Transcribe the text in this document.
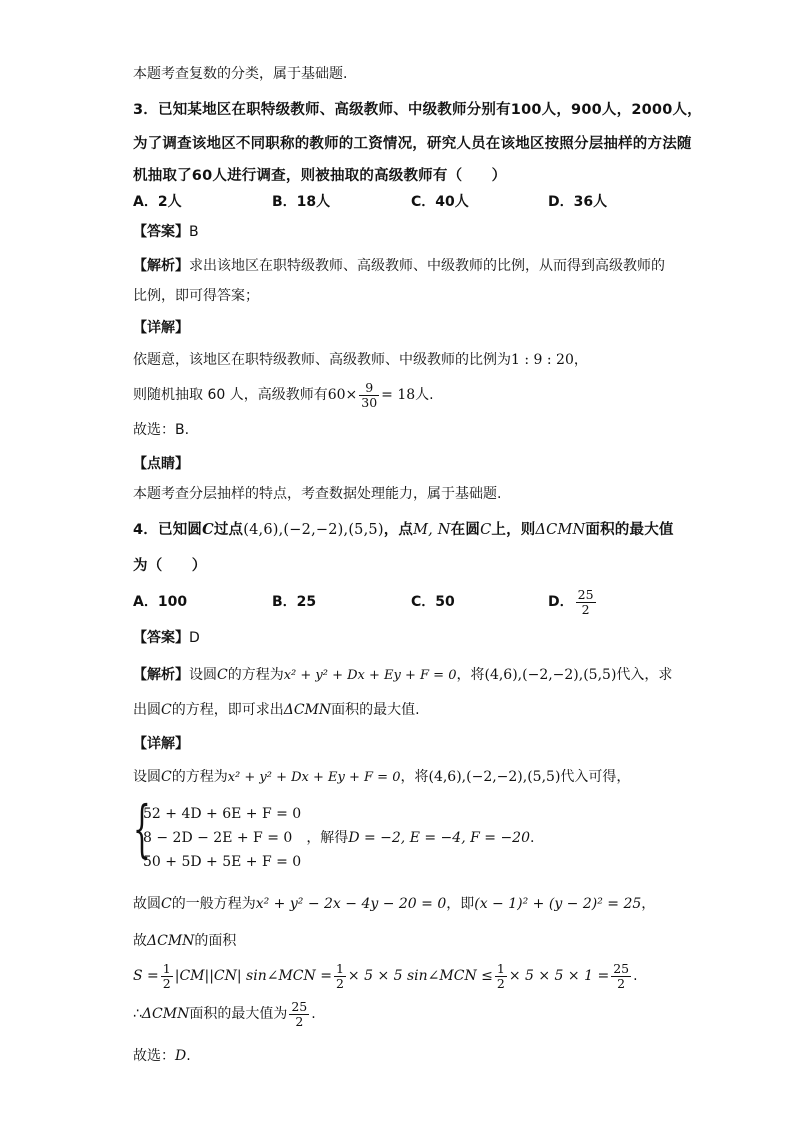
本题考查复数的分类，属于基础题.
3．已知某地区在职特级教师、高级教师、中级教师分别有100人，900人，2000人，
为了调查该地区不同职称的教师的工资情况，研究人员在该地区按照分层抽样的方法随
机抽取了60人进行调查，则被抽取的高级教师有（　　）
A．2人	B．18人	C．40人	D．36人
【答案】B
【解析】求出该地区在职特级教师、高级教师、中级教师的比例，从而得到高级教师的
比例，即可得答案；
【详解】
依题意，该地区在职特级教师、高级教师、中级教师的比例为1 : 9 : 20，
则随机抽取 60 人，高级教师有$60\times \frac{9}{30} = 18$人.
故选：B.
【点睛】
本题考查分层抽样的特点，考查数据处理能力，属于基础题.
4．已知圆C过点(4,6),(−2,−2),(5,5)，点M, N在圆C上，则ΔCMN面积的最大值
为（　　）
A．100	B．25	C．50	D． $\frac{25}{2}$
【答案】D
【解析】设圆C的方程为x² + y² + Dx + Ey + F = 0，将(4,6),(−2,−2),(5,5)代入，求
出圆C的方程，即可求出ΔCMN面积的最大值.
【详解】
设圆C的方程为x² + y² + Dx + Ey + F = 0，将(4,6),(−2,−2),(5,5)代入可得，
{
52 + 4D + 6E + F = 0
8 − 2D − 2E + F = 0　 ，解得D = −2, E = −4, F = −20.
50 + 5D + 5E + F = 0
故圆C的一般方程为x² + y² − 2x − 4y − 20 = 0，即(x − 1)² + (y − 2)² = 25，
故ΔCMN的面积
$S = \frac{1}{2} |CM||CN|$ sin∠MCN = $\frac{1}{2} \times 5 \times 5$ sin∠MCN ≤ $\frac{1}{2} \times 5 \times 5 \times 1 = \frac{25}{2}$ .
∴ΔCMN面积的最大值为 $\frac{25}{2}$ .
故选：D.
